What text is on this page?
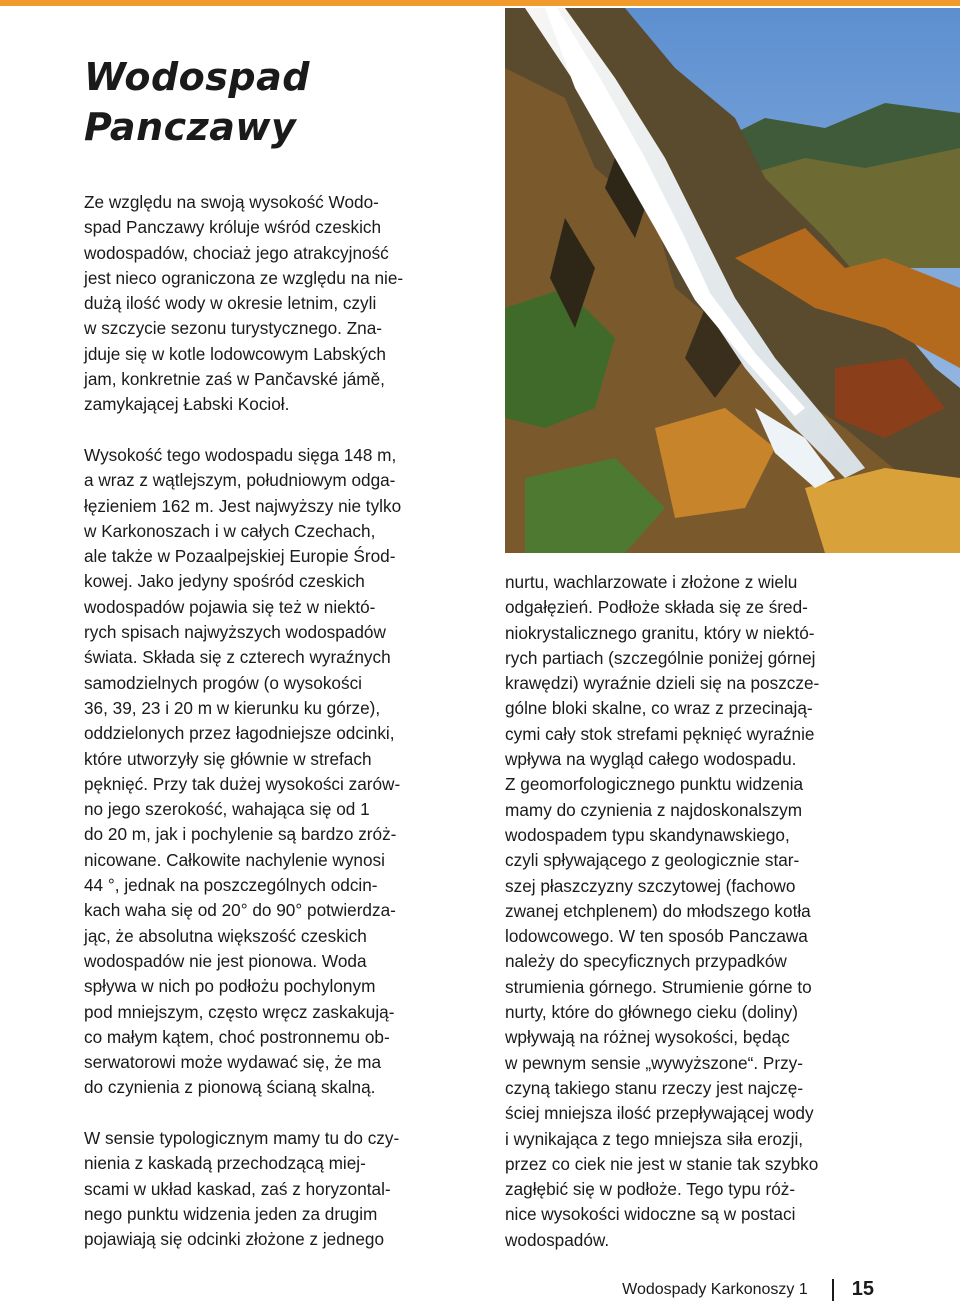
Wodospad
Panczawy

Ze względu na swoją wysokość Wodo-
spad Panczawy króluje wśród czeskich
wodospadów, chociaż jego atrakcyjność
jest nieco ograniczona ze względu na nie-
dużą ilość wody w okresie letnim, czyli
w szczycie sezonu turystycznego. Zna-
jduje się w kotle lodowcowym Labských
jam, konkretnie zaś w Pančavské jámě,
zamykającej Łabski Kocioł.

Wysokość tego wodospadu sięga 148 m,
a wraz z wątlejszym, południowym odga-
łęzieniem 162 m. Jest najwyższy nie tylko
w Karkonoszach i w całych Czechach,
ale także w Pozaalpejskiej Europie Środ-
kowej. Jako jedyny spośród czeskich
wodospadów pojawia się też w niektó-
rych spisach najwyższych wodospadów
świata. Składa się z czterech wyraźnych
samodzielnych progów (o wysokości
36, 39, 23 i 20 m w kierunku ku górze),
oddzielonych przez łagodniejsze odcinki,
które utworzyły się głównie w strefach
pęknięć. Przy tak dużej wysokości zarów-
no jego szerokość, wahająca się od 1
do 20 m, jak i pochylenie są bardzo zróż-
nicowane. Całkowite nachylenie wynosi
44 °, jednak na poszczególnych odcin-
kach waha się od 20° do 90° potwierdza-
jąc, że absolutna większość czeskich
wodospadów nie jest pionowa. Woda
spływa w nich po podłożu pochylonym
pod mniejszym, często wręcz zaskakują-
co małym kątem, choć postronnemu ob-
serwatorowi może wydawać się, że ma
do czynienia z pionową ścianą skalną.

W sensie typologicznym mamy tu do czy-
nienia z kaskadą przechodzącą miej-
scami w układ kaskad, zaś z horyzontal-
nego punktu widzenia jeden za drugim
pojawiają się odcinki złożone z jednego

nurtu, wachlarzowate i złożone z wielu
odgałęzień. Podłoże składa się ze śred-
niokrystalicznego granitu, który w niektó-
rych partiach (szczególnie poniżej górnej
krawędzi) wyraźnie dzieli się na poszcze-
gólne bloki skalne, co wraz z przecinają-
cymi cały stok strefami pęknięć wyraźnie
wpływa na wygląd całego wodospadu.
Z geomorfologicznego punktu widzenia
mamy do czynienia z najdoskonalszym
wodospadem typu skandynawskiego,
czyli spływającego z geologicznie star-
szej płaszczyzny szczytowej (fachowo
zwanej etchplenem) do młodszego kotła
lodowcowego. W ten sposób Panczawa
należy do specyficznych przypadków
strumienia górnego. Strumienie górne to
nurty, które do głównego cieku (doliny)
wpływają na różnej wysokości, będąc
w pewnym sensie „wywyższone“. Przy-
czyną takiego stanu rzeczy jest najczę-
ściej mniejsza ilość przepływającej wody
i wynikająca z tego mniejsza siła erozji,
przez co ciek nie jest w stanie tak szybko
zagłębić się w podłoże. Tego typu róż-
nice wysokości widoczne są w postaci
wodospadów.

Wodospady Karkonoszy 1 15
